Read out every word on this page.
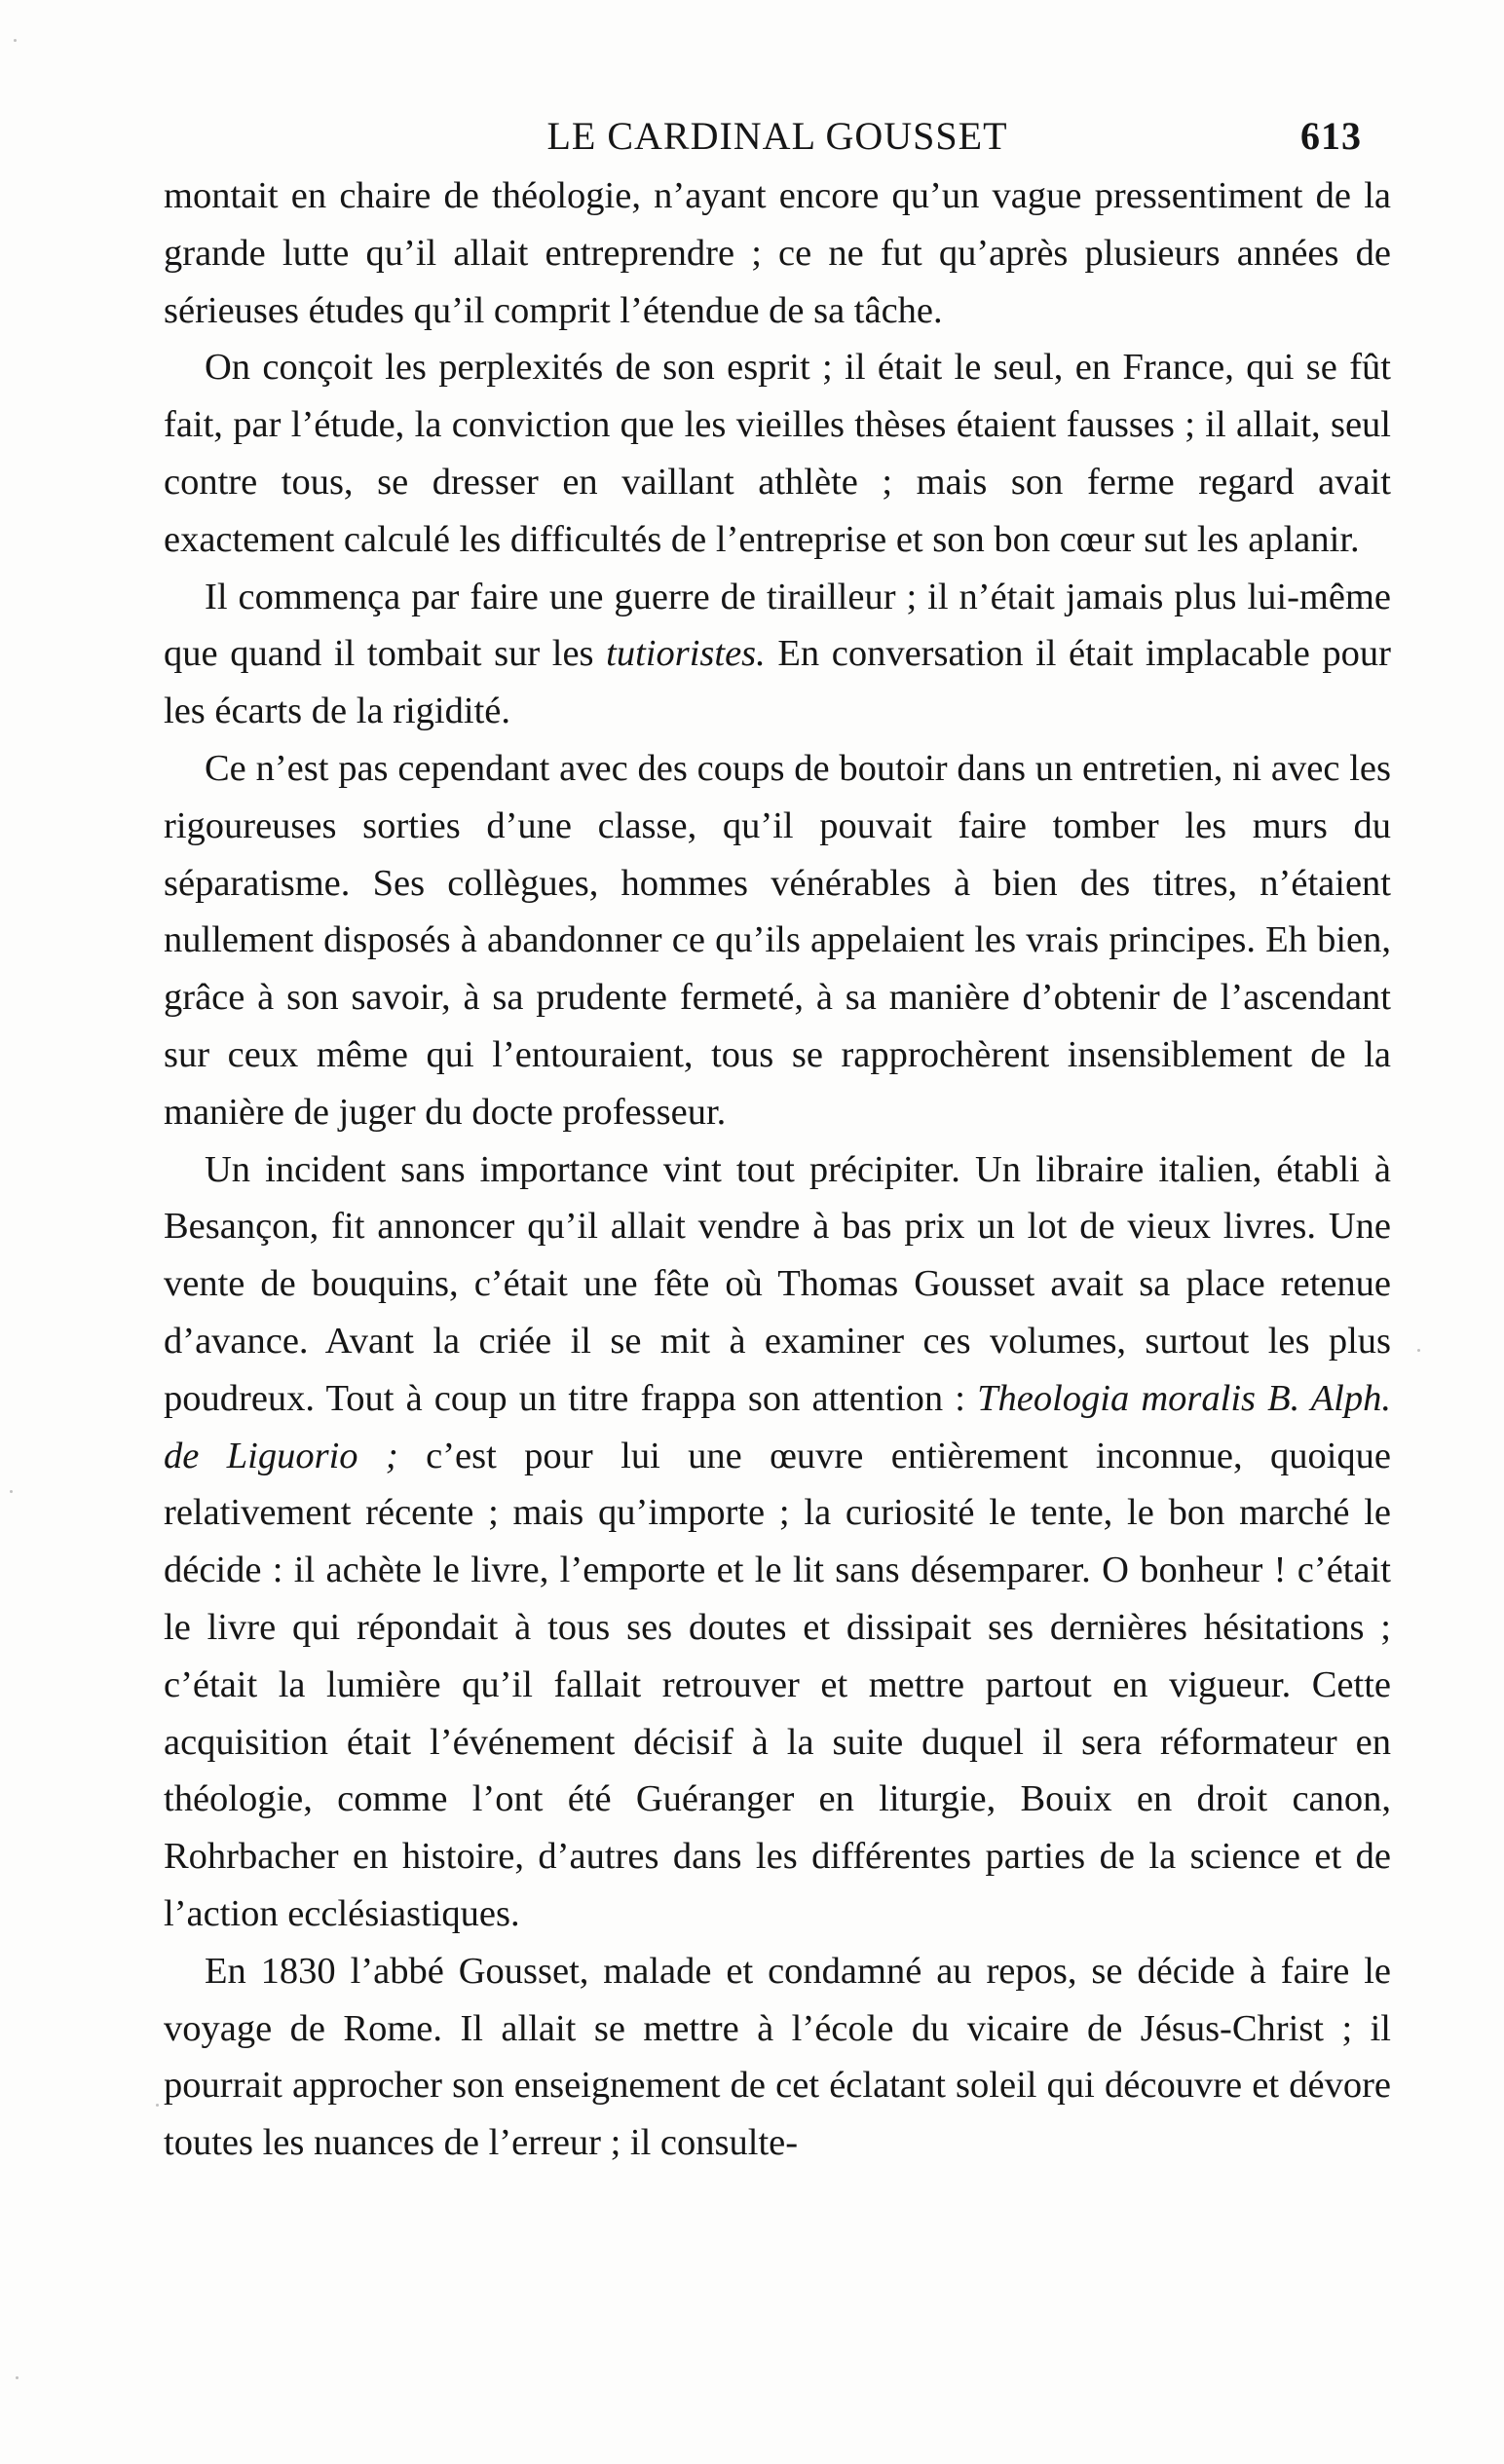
LE CARDINAL GOUSSET	613

montait en chaire de théologie, n’ayant encore qu’un vague pressentiment de la grande lutte qu’il allait entreprendre ; ce ne fut qu’après plusieurs années de sérieuses études qu’il comprit l’étendue de sa tâche.

On conçoit les perplexités de son esprit ; il était le seul, en France, qui se fût fait, par l’étude, la conviction que les vieilles thèses étaient fausses ; il allait, seul contre tous, se dresser en vaillant athlète ; mais son ferme regard avait exactement calculé les difficultés de l’entreprise et son bon cœur sut les aplanir.

Il commença par faire une guerre de tirailleur ; il n’était jamais plus lui-même que quand il tombait sur les tutioristes. En conversation il était implacable pour les écarts de la rigidité.

Ce n’est pas cependant avec des coups de boutoir dans un entretien, ni avec les rigoureuses sorties d’une classe, qu’il pouvait faire tomber les murs du séparatisme. Ses collègues, hommes vénérables à bien des titres, n’étaient nullement disposés à abandonner ce qu’ils appelaient les vrais principes. Eh bien, grâce à son savoir, à sa prudente fermeté, à sa manière d’obtenir de l’ascendant sur ceux même qui l’entouraient, tous se rapprochèrent insensiblement de la manière de juger du docte professeur.

Un incident sans importance vint tout précipiter. Un libraire italien, établi à Besançon, fit annoncer qu’il allait vendre à bas prix un lot de vieux livres. Une vente de bouquins, c’était une fête où Thomas Gousset avait sa place retenue d’avance. Avant la criée il se mit à examiner ces volumes, surtout les plus poudreux. Tout à coup un titre frappa son attention : Theologia moralis B. Alph. de Liguorio ; c’est pour lui une œuvre entièrement inconnue, quoique relativement récente ; mais qu’importe ; la curiosité le tente, le bon marché le décide : il achète le livre, l’emporte et le lit sans désemparer. O bonheur ! c’était le livre qui répondait à tous ses doutes et dissipait ses dernières hésitations ; c’était la lumière qu’il fallait retrouver et mettre partout en vigueur. Cette acquisition était l’événement décisif à la suite duquel il sera réformateur en théologie, comme l’ont été Guéranger en liturgie, Bouix en droit canon, Rohrbacher en histoire, d’autres dans les différentes parties de la science et de l’action ecclésiastiques.

En 1830 l’abbé Gousset, malade et condamné au repos, se décide à faire le voyage de Rome. Il allait se mettre à l’école du vicaire de Jésus-Christ ; il pourrait approcher son enseignement de cet éclatant soleil qui découvre et dévore toutes les nuances de l’erreur ; il consulte-
